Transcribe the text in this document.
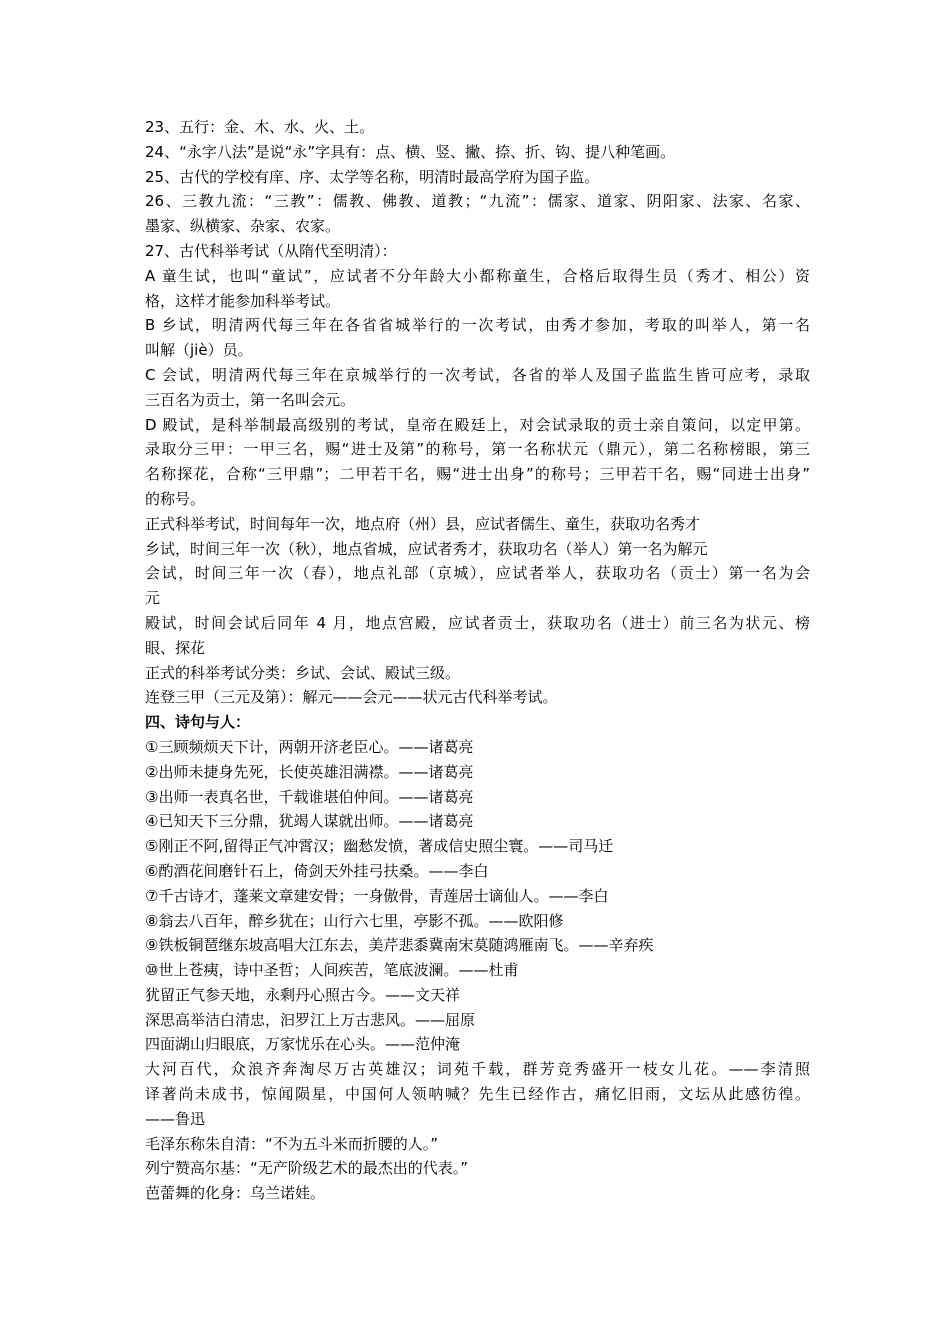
23、五行：金、木、水、火、土。
24、“永字八法”是说“永”字具有：点、横、竖、撇、捺、折、钩、提八种笔画。
25、古代的学校有庠、序、太学等名称，明清时最高学府为国子监。
26、三教九流：“三教”：儒教、佛教、道教；“九流”：儒家、道家、阴阳家、法家、名家、
墨家、纵横家、杂家、农家。
27、古代科举考试（从隋代至明清）：
A 童生试，也叫“童试”，应试者不分年龄大小都称童生，合格后取得生员（秀才、相公）资
格，这样才能参加科举考试。
B 乡试，明清两代每三年在各省省城举行的一次考试，由秀才参加，考取的叫举人，第一名
叫解（jiè）员。
C 会试，明清两代每三年在京城举行的一次考试，各省的举人及国子监监生皆可应考，录取
三百名为贡士，第一名叫会元。
D 殿试，是科举制最高级别的考试，皇帝在殿廷上，对会试录取的贡士亲自策问，以定甲第。
录取分三甲：一甲三名，赐“进士及第”的称号，第一名称状元（鼎元），第二名称榜眼，第三
名称探花，合称“三甲鼎”；二甲若干名，赐“进士出身”的称号；三甲若干名，赐“同进士出身”
的称号。
正式科举考试，时间每年一次，地点府（州）县，应试者儒生、童生，获取功名秀才
乡试，时间三年一次（秋），地点省城，应试者秀才，获取功名（举人）第一名为解元
会试，时间三年一次（春），地点礼部（京城），应试者举人，获取功名（贡士）第一名为会
元
殿试，时间会试后同年 4 月，地点宫殿，应试者贡士，获取功名（进士）前三名为状元、榜
眼、探花
正式的科举考试分类：乡试、会试、殿试三级。
连登三甲（三元及第）：解元——会元——状元古代科举考试。
四、诗句与人：
①三顾频烦天下计，两朝开济老臣心。——诸葛亮
②出师未捷身先死，长使英雄泪满襟。——诸葛亮
③出师一表真名世，千载谁堪伯仲间。——诸葛亮
④已知天下三分鼎，犹竭人谋就出师。——诸葛亮
⑤刚正不阿,留得正气冲霄汉；幽愁发愤，著成信史照尘寰。——司马迁
⑥酌酒花间磨针石上，倚剑天外挂弓扶桑。——李白
⑦千古诗才，蓬莱文章建安骨；一身傲骨，青莲居士谪仙人。——李白
⑧翁去八百年，醉乡犹在；山行六七里，亭影不孤。——欧阳修
⑨铁板铜琶继东坡高唱大江东去，美芹悲黍冀南宋莫随鸿雁南飞。——辛弃疾
⑩世上苍痍，诗中圣哲；人间疾苦，笔底波澜。——杜甫
犹留正气参天地，永剩丹心照古今。——文天祥
深思高举洁白清忠，汩罗江上万古悲风。——屈原
四面湖山归眼底，万家忧乐在心头。——范仲淹
大河百代，众浪齐奔淘尽万古英雄汉；词苑千载，群芳竞秀盛开一枝女儿花。——李清照
译著尚未成书，惊闻陨星，中国何人领呐喊？先生已经作古，痛忆旧雨，文坛从此感彷徨。
——鲁迅
毛泽东称朱自清：“不为五斗米而折腰的人。”
列宁赞高尔基：“无产阶级艺术的最杰出的代表。”
芭蕾舞的化身：乌兰诺娃。
